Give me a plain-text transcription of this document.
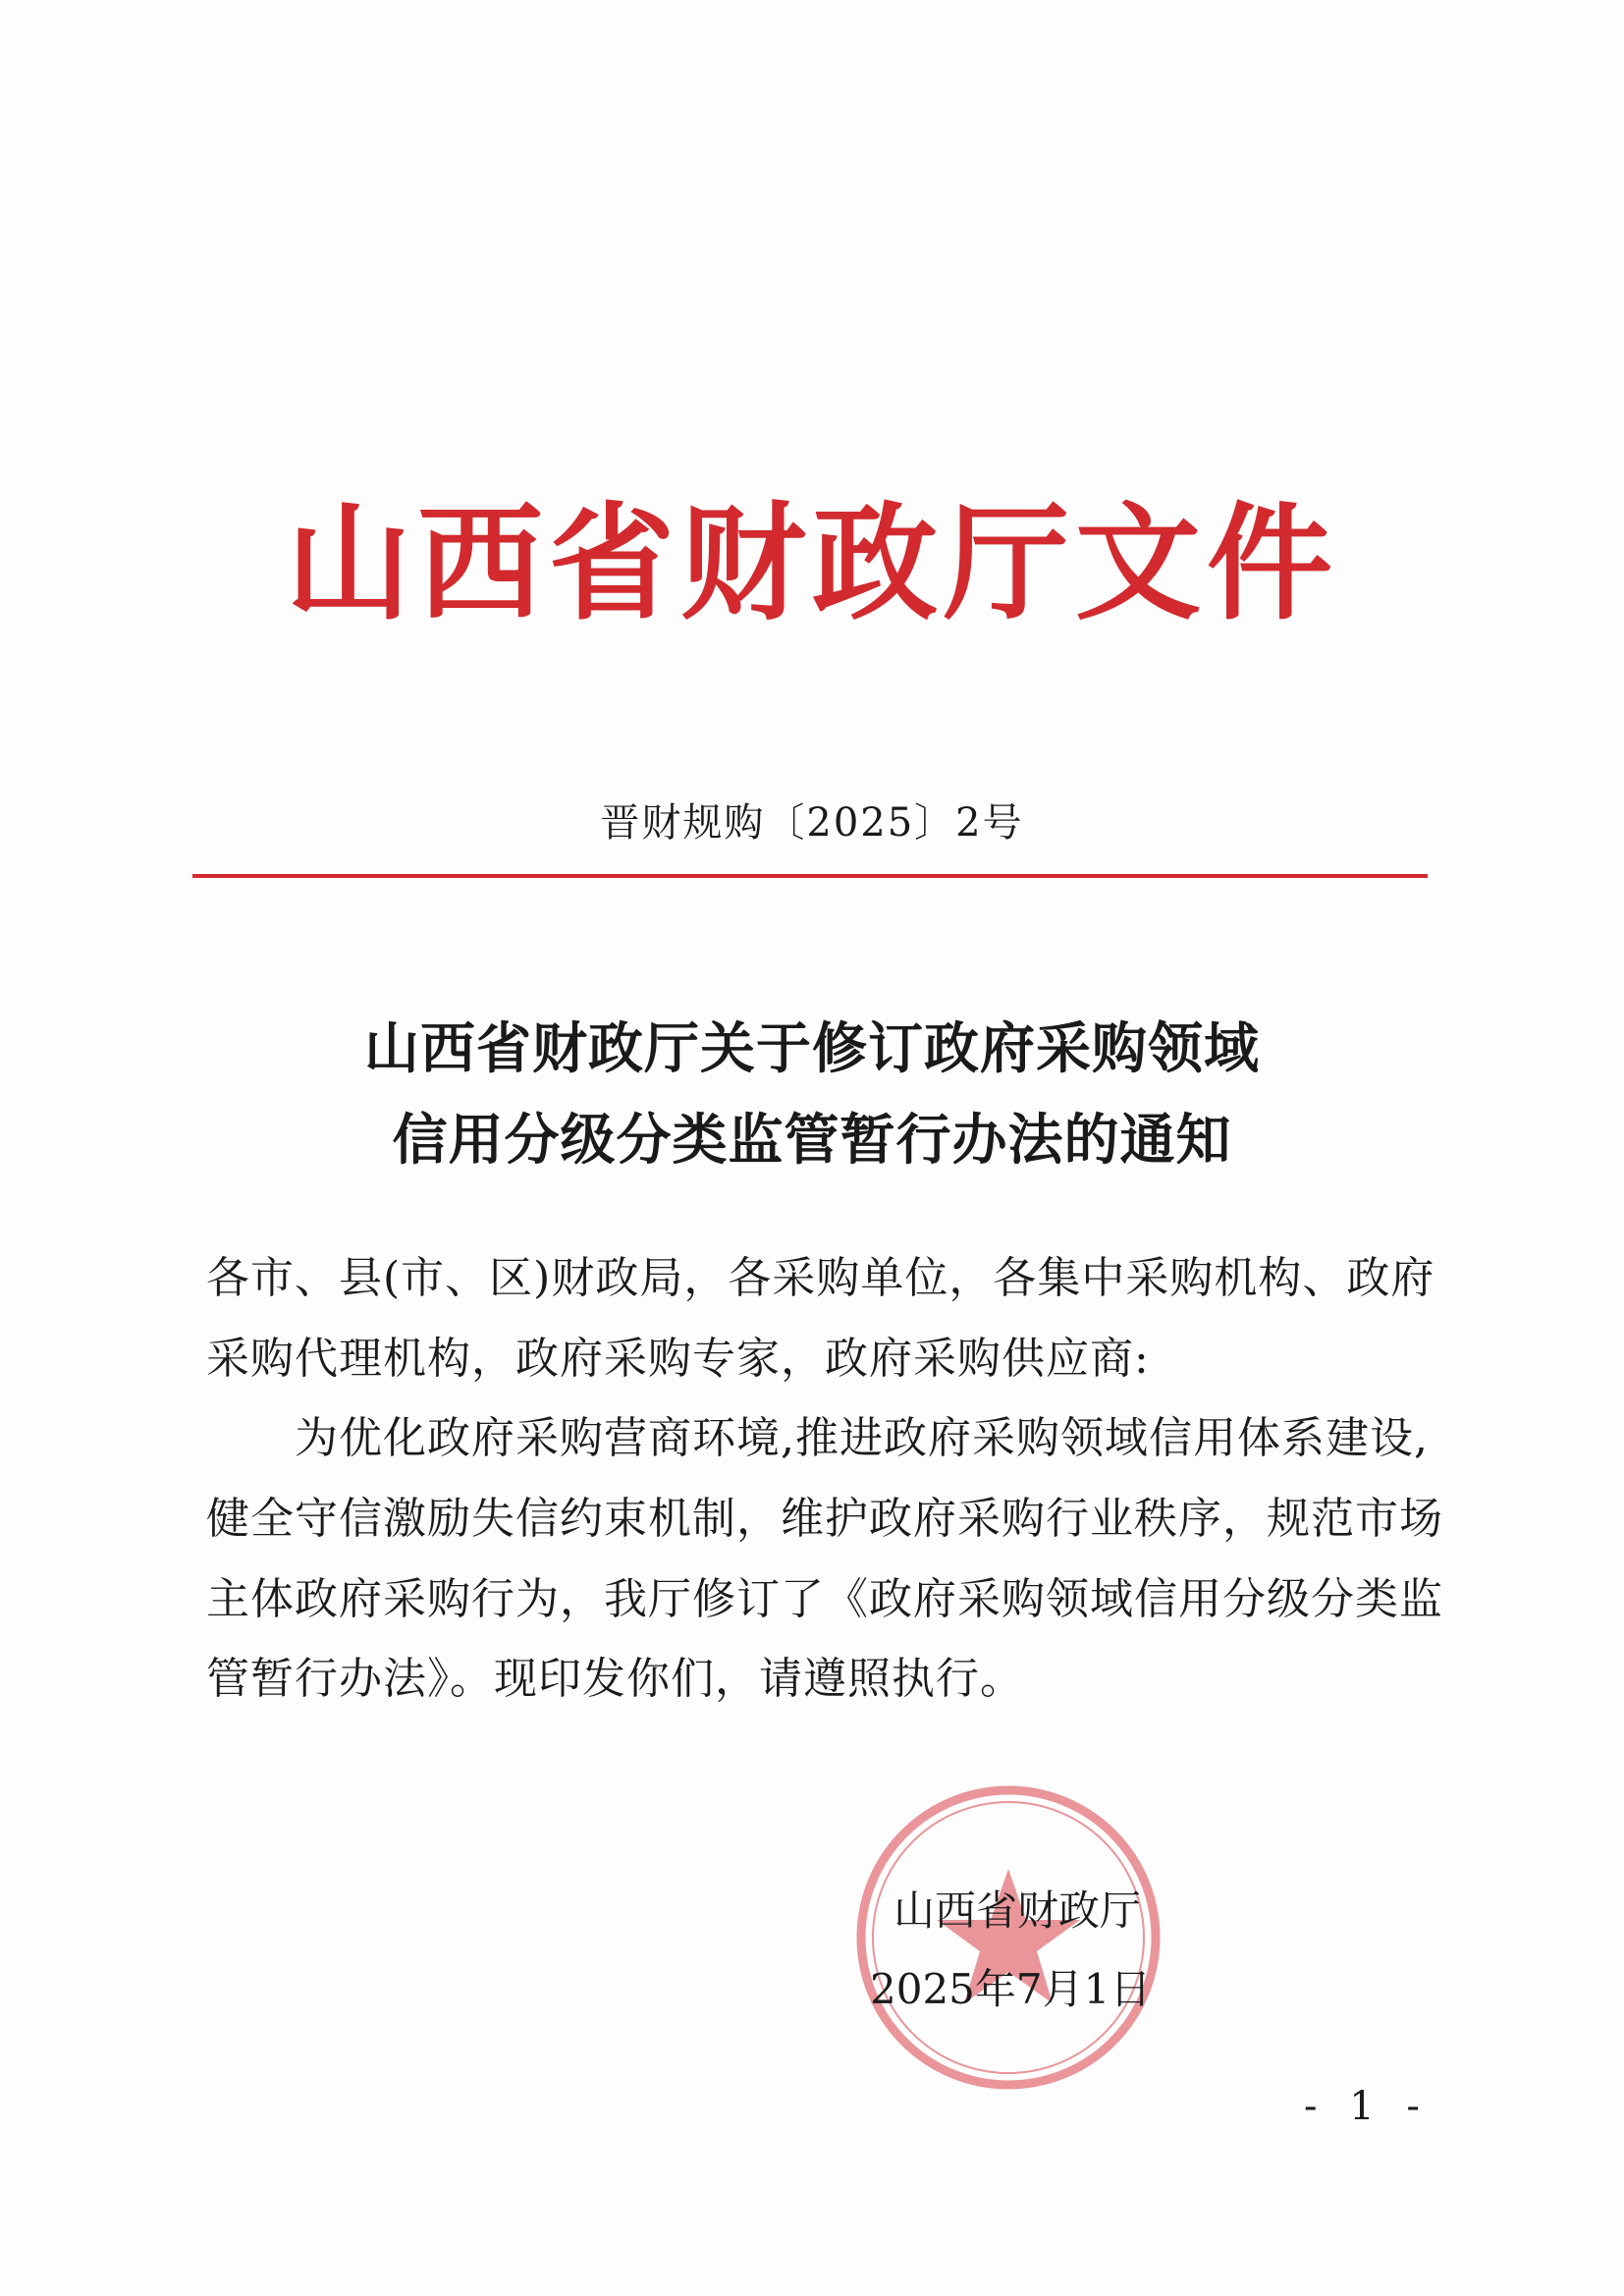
山西省财政厅文件
晋财规购〔2025〕2号
山西省财政厅关于修订政府采购领域
信用分级分类监管暂行办法的通知
各市、县(市、区)财政局，各采购单位，各集中采购机构、政府
采购代理机构，政府采购专家，政府采购供应商:
　　为优化政府采购营商环境,推进政府采购领域信用体系建设,
健全守信激励失信约束机制，维护政府采购行业秩序，规范市场
主体政府采购行为，我厅修订了《政府采购领域信用分级分类监
管暂行办法》。现印发你们，请遵照执行。
山西省财政厅
2025年7月1日
- 1 -
